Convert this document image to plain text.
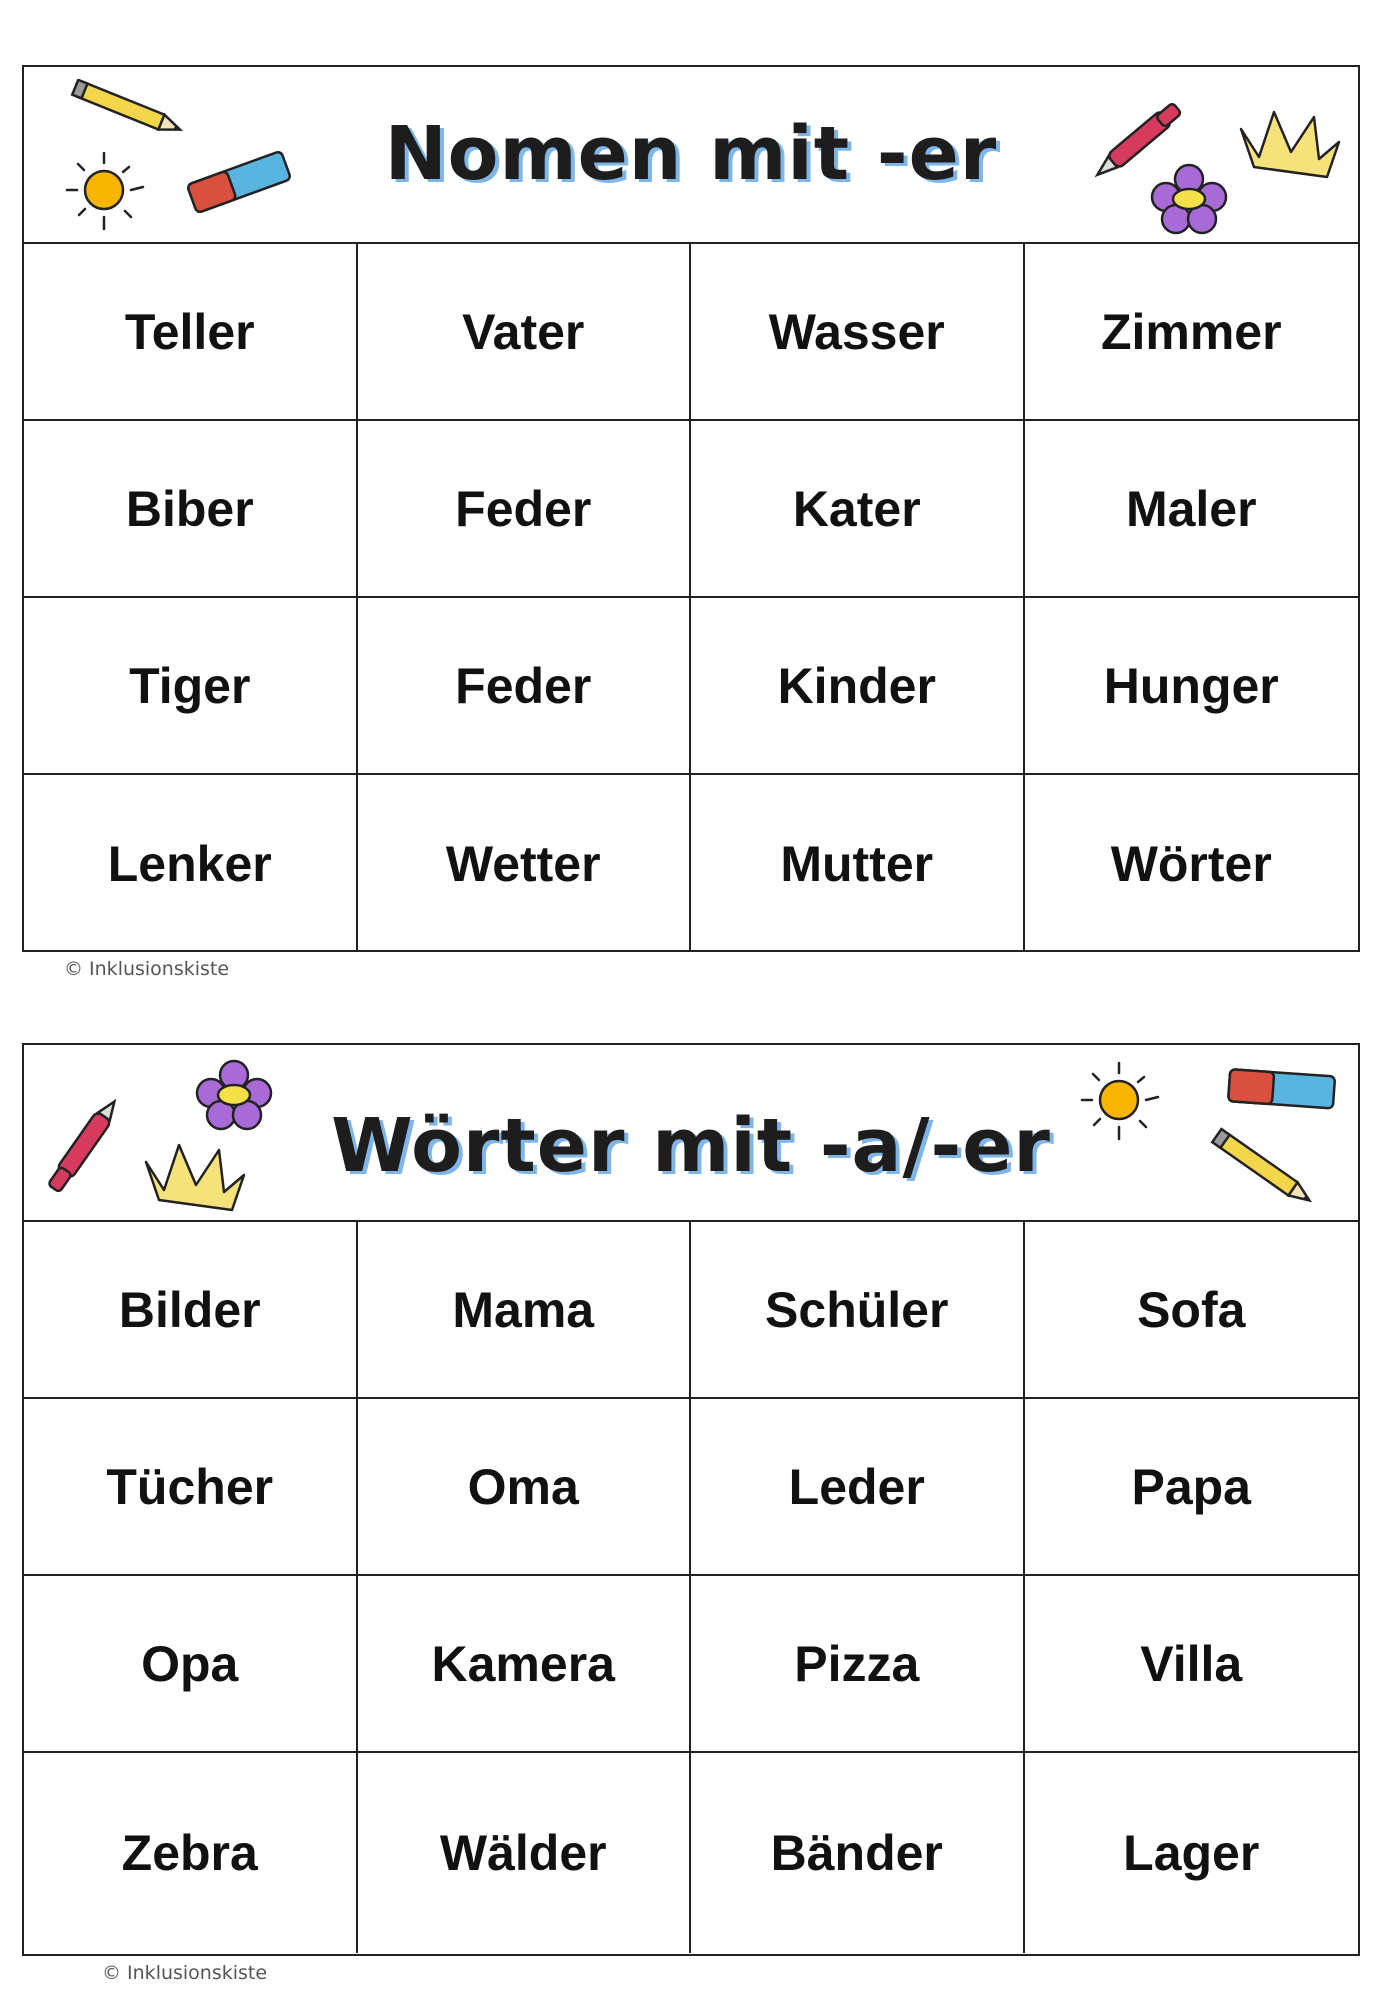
Nomen mit -er
Teller	Vater	Wasser	Zimmer
Biber	Feder	Kater	Maler
Tiger	Feder	Kinder	Hunger
Lenker	Wetter	Mutter	Wörter
© Inklusionskiste
Wörter mit -a/-er
Bilder	Mama	Schüler	Sofa
Tücher	Oma	Leder	Papa
Opa	Kamera	Pizza	Villa
Zebra	Wälder	Bänder	Lager
© Inklusionskiste
